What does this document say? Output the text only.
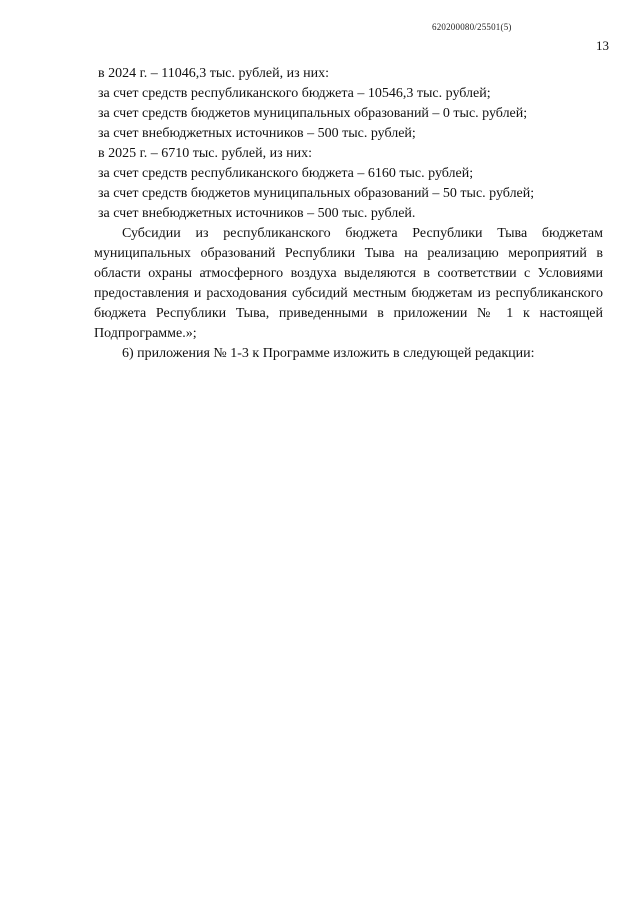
620200080/25501(5)
13
в 2024 г. – 11046,3 тыс. рублей, из них:
за счет средств республиканского бюджета – 10546,3 тыс. рублей;
за счет средств бюджетов муниципальных образований – 0 тыс. рублей;
за счет внебюджетных источников – 500 тыс. рублей;
в 2025 г. – 6710 тыс. рублей, из них:
за счет средств республиканского бюджета – 6160 тыс. рублей;
за счет средств бюджетов муниципальных образований – 50 тыс. рублей;
за счет внебюджетных источников – 500 тыс. рублей.

Субсидии из республиканского бюджета Республики Тыва бюджетам муниципальных образований Республики Тыва на реализацию мероприятий в области охраны атмосферного воздуха выделяются в соответствии с Условиями предоставления и расходования субсидий местным бюджетам из республиканского бюджета Республики Тыва, приведенными в приложении № 1 к настоящей Подпрограмме.»;

6) приложения № 1-3 к Программе изложить в следующей редакции:
